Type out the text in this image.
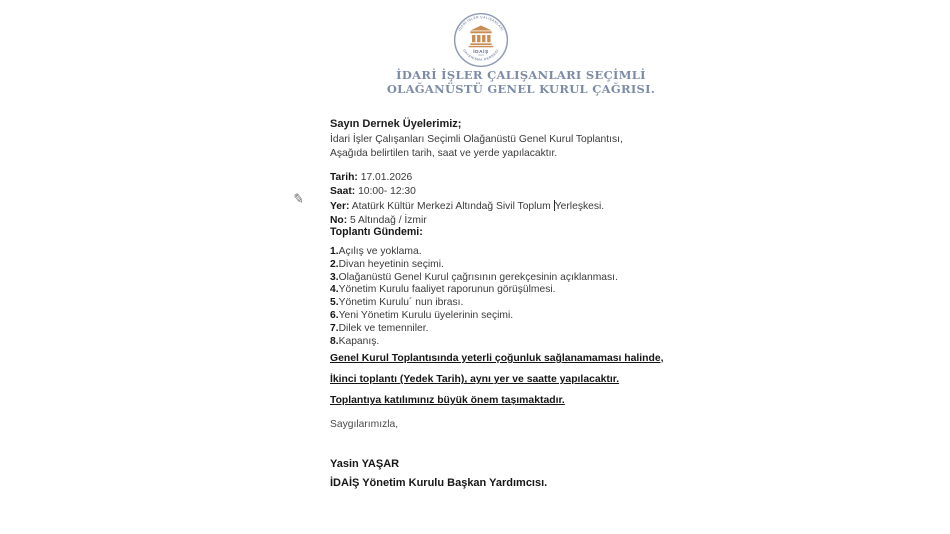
İDARİ İŞLER ÇALIŞANLARI
DAYANIŞMA DERNEĞİ
İDAİŞ
2022
İDARİ İŞLER ÇALIŞANLARI SEÇİMLİ
OLAĞANÜSTÜ GENEL KURUL ÇAĞRISI.
Sayın Dernek Üyelerimiz;
İdari İşler Çalışanları Seçimli Olağanüstü Genel Kurul Toplantısı,
Aşağıda belirtilen tarih, saat ve yerde yapılacaktır.
✎
Tarih: 17.01.2026
Saat: 10:00- 12:30
Yer: Atatürk Kültür Merkezi Altındağ Sivil Toplum Yerleşkesi.
No: 5 Altındağ / İzmir
Toplantı Gündemi:
1.Açılış ve yoklama.
2.Divan heyetinin seçimi.
3.Olağanüstü Genel Kurul çağrısının gerekçesinin açıklanması.
4.Yönetim Kurulu faaliyet raporunun görüşülmesi.
5.Yönetim Kurulu´ nun ibrası.
6.Yeni Yönetim Kurulu üyelerinin seçimi.
7.Dilek ve temenniler.
8.Kapanış.
Genel Kurul Toplantısında yeterli çoğunluk sağlanamaması halinde,
İkinci toplantı (Yedek Tarih), aynı yer ve saatte yapılacaktır.
Toplantıya katılımınız büyük önem taşımaktadır.
Saygılarımızla,
Yasin YAŞAR
İDAİŞ Yönetim Kurulu Başkan Yardımcısı.
